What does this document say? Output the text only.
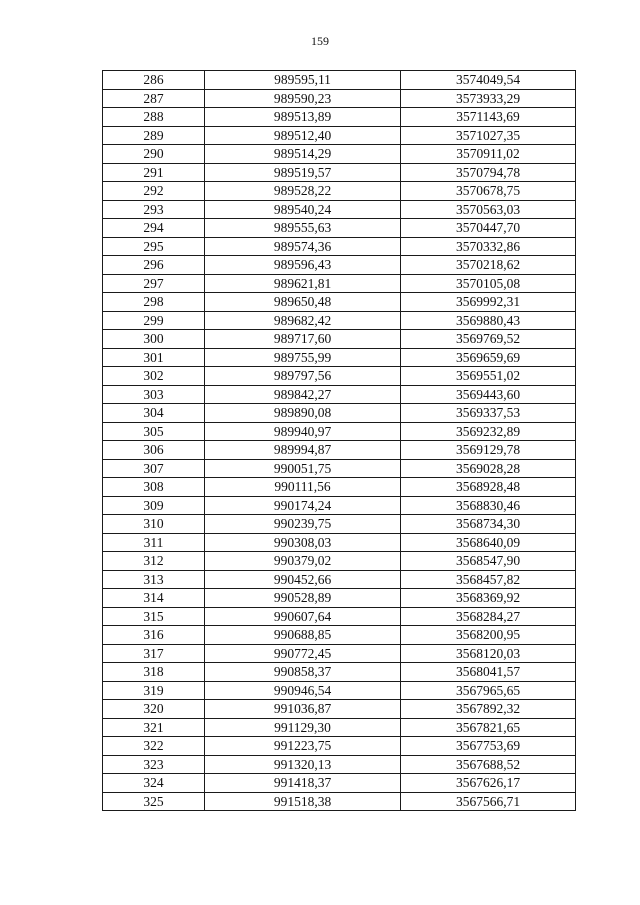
159
286	989595,11	3574049,54
287	989590,23	3573933,29
288	989513,89	3571143,69
289	989512,40	3571027,35
290	989514,29	3570911,02
291	989519,57	3570794,78
292	989528,22	3570678,75
293	989540,24	3570563,03
294	989555,63	3570447,70
295	989574,36	3570332,86
296	989596,43	3570218,62
297	989621,81	3570105,08
298	989650,48	3569992,31
299	989682,42	3569880,43
300	989717,60	3569769,52
301	989755,99	3569659,69
302	989797,56	3569551,02
303	989842,27	3569443,60
304	989890,08	3569337,53
305	989940,97	3569232,89
306	989994,87	3569129,78
307	990051,75	3569028,28
308	990111,56	3568928,48
309	990174,24	3568830,46
310	990239,75	3568734,30
311	990308,03	3568640,09
312	990379,02	3568547,90
313	990452,66	3568457,82
314	990528,89	3568369,92
315	990607,64	3568284,27
316	990688,85	3568200,95
317	990772,45	3568120,03
318	990858,37	3568041,57
319	990946,54	3567965,65
320	991036,87	3567892,32
321	991129,30	3567821,65
322	991223,75	3567753,69
323	991320,13	3567688,52
324	991418,37	3567626,17
325	991518,38	3567566,71
